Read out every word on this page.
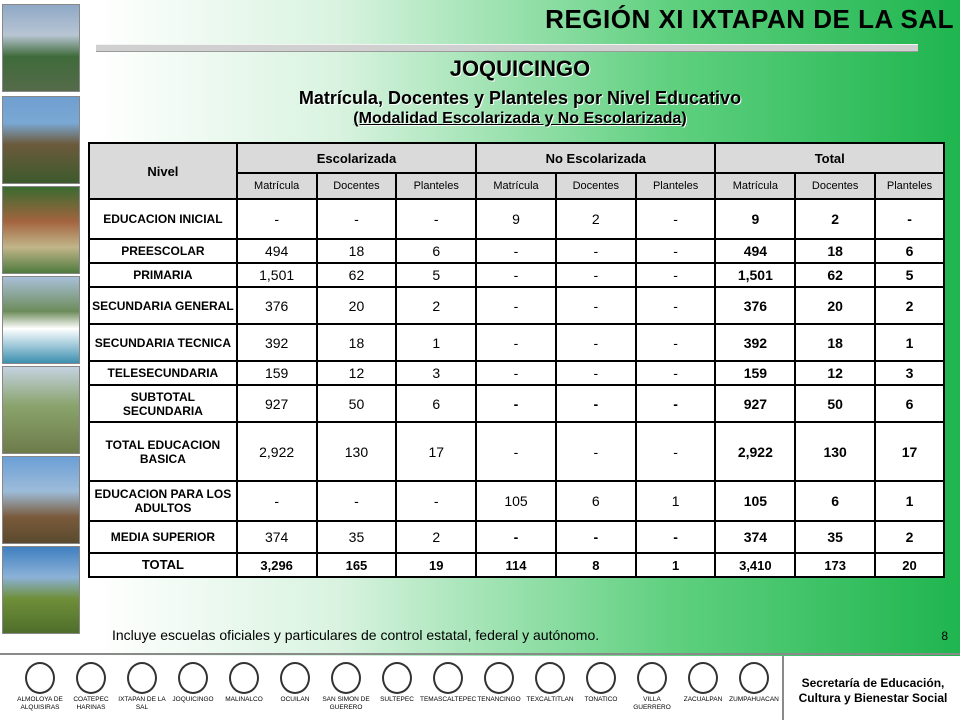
REGIÓN XI IXTAPAN DE LA SAL
JOQUICINGO
Matrícula, Docentes y Planteles por Nivel Educativo
(Modalidad Escolarizada y No Escolarizada)
Nivel	Escolarizada			No Escolarizada			Total		
	Matrícula	Docentes	Planteles	Matrícula	Docentes	Planteles	Matrícula	Docentes	Planteles
EDUCACION INICIAL	-	-	-	9	2	-	9	2	-
PREESCOLAR	494	18	6	-	-	-	494	18	6
PRIMARIA	1,501	62	5	-	-	-	1,501	62	5
SECUNDARIA GENERAL	376	20	2	-	-	-	376	20	2
SECUNDARIA TECNICA	392	18	1	-	-	-	392	18	1
TELESECUNDARIA	159	12	3	-	-	-	159	12	3
SUBTOTAL SECUNDARIA	927	50	6	-	-	-	927	50	6
TOTAL EDUCACION BASICA	2,922	130	17	-	-	-	2,922	130	17
EDUCACION PARA LOS ADULTOS	-	-	-	105	6	1	105	6	1
MEDIA SUPERIOR	374	35	2	-	-	-	374	35	2
TOTAL	3,296	165	19	114	8	1	3,410	173	20
Incluye escuelas oficiales y particulares de control estatal, federal y autónomo.	8
ALMOLOYA DE ALQUISIRAS
COATEPEC HARINAS
IXTAPAN DE LA SAL
JOQUICINGO	MALINALCO	OCUILAN	SAN SIMON DE GUERERO
SULTEPEC TEMASCALTEPEC TENANCINGO TEXCALTITLAN	TONATICO	VILLA GUERRERO
ZACUALPAN	ZUMPAHUACAN
Secretaría de Educación,
Cultura y Bienestar Social
